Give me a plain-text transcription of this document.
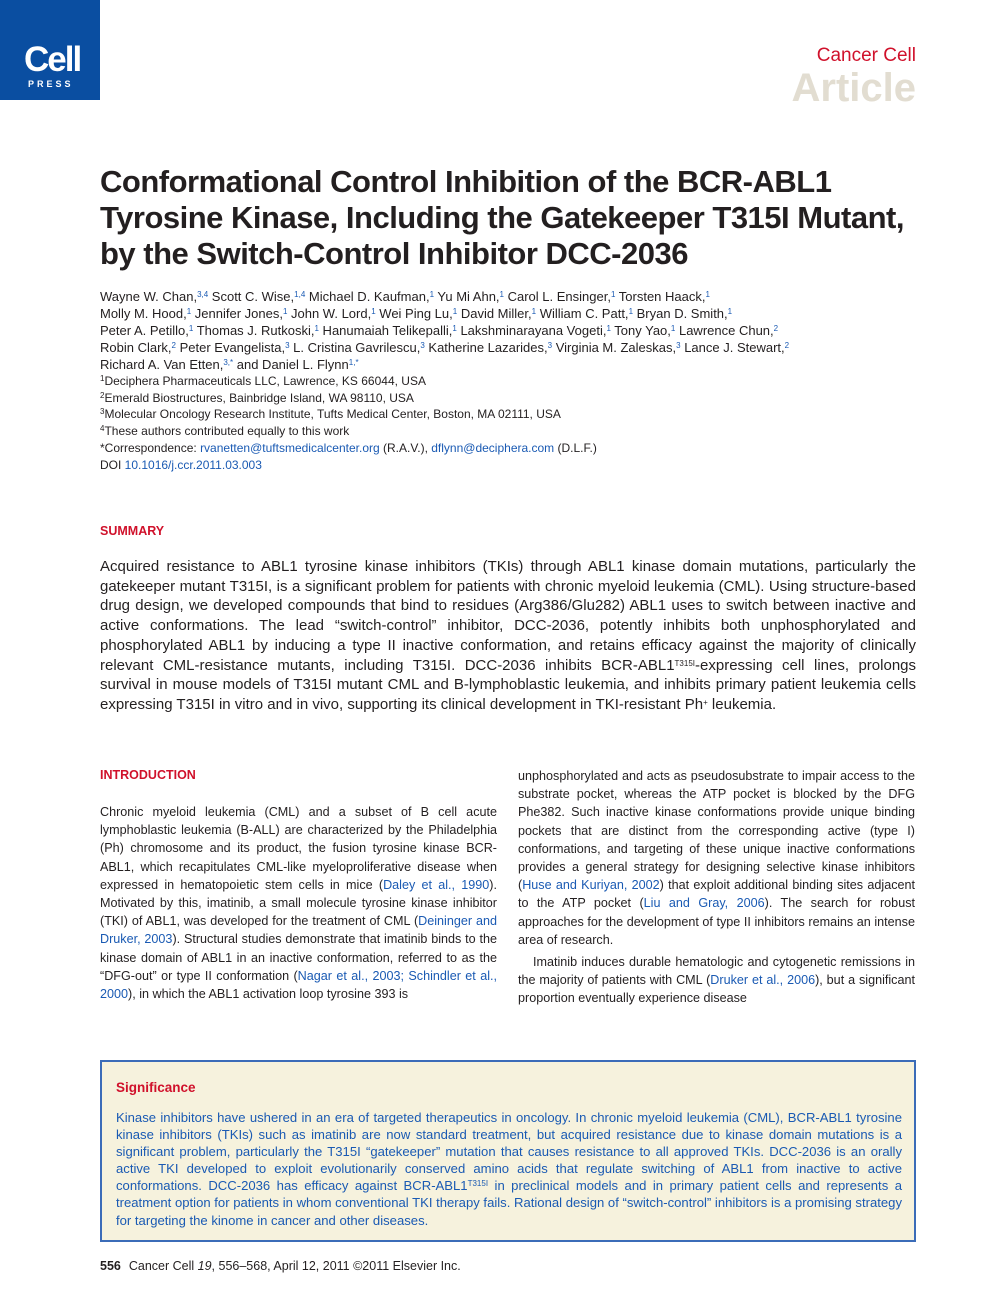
Cell
PRESS
Cancer Cell
Article
Conformational Control Inhibition of the BCR-ABL1 Tyrosine Kinase, Including the Gatekeeper T315I Mutant, by the Switch-Control Inhibitor DCC-2036
Wayne W. Chan,$^{3,4}$ Scott C. Wise,$^{1,4}$ Michael D. Kaufman,$^1$ Yu Mi Ahn,$^1$ Carol L. Ensinger,$^1$ Torsten Haack,$^1$
Molly M. Hood,$^1$ Jennifer Jones,$^1$ John W. Lord,$^1$ Wei Ping Lu,$^1$ David Miller,$^1$ William C. Patt,$^1$ Bryan D. Smith,$^1$
Peter A. Petillo,$^1$ Thomas J. Rutkoski,$^1$ Hanumaiah Telikepalli,$^1$ Lakshminarayana Vogeti,$^1$ Tony Yao,$^1$ Lawrence Chun,$^2$
Robin Clark,$^2$ Peter Evangelista,$^3$ L. Cristina Gavrilescu,$^3$ Katherine Lazarides,$^3$ Virginia M. Zaleskas,$^3$ Lance J. Stewart,$^2$
Richard A. Van Etten,$^{3,*}$ and Daniel L. Flynn$^{1,*}$
$^1$Deciphera Pharmaceuticals LLC, Lawrence, KS 66044, USA
$^2$Emerald Biostructures, Bainbridge Island, WA 98110, USA
$^3$Molecular Oncology Research Institute, Tufts Medical Center, Boston, MA 02111, USA
$^4$These authors contributed equally to this work
*Correspondence: rvanetten@tuftsmedicalcenter.org (R.A.V.), dflynn@deciphera.com (D.L.F.)
DOI 10.1016/j.ccr.2011.03.003
SUMMARY
Acquired resistance to ABL1 tyrosine kinase inhibitors (TKIs) through ABL1 kinase domain mutations, particularly the gatekeeper mutant T315I, is a significant problem for patients with chronic myeloid leukemia (CML). Using structure-based drug design, we developed compounds that bind to residues (Arg386/Glu282) ABL1 uses to switch between inactive and active conformations. The lead “switch-control” inhibitor, DCC-2036, potently inhibits both unphosphorylated and phosphorylated ABL1 by inducing a type II inactive conformation, and retains efficacy against the majority of clinically relevant CML-resistance mutants, including T315I. DCC-2036 inhibits BCR-$ABL1^{T315I}$-expressing cell lines, prolongs survival in mouse models of T315I mutant CML and B-lymphoblastic leukemia, and inhibits primary patient leukemia cells expressing T315I in vitro and in vivo, supporting its clinical development in TKI-resistant Ph+ leukemia.
INTRODUCTION

Chronic myeloid leukemia (CML) and a subset of B cell acute lymphoblastic leukemia (B-ALL) are characterized by the Philadelphia (Ph) chromosome and its product, the fusion tyrosine kinase BCR-ABL1, which recapitulates CML-like myeloproliferative disease when expressed in hematopoietic stem cells in mice (Daley et al., 1990). Motivated by this, imatinib, a small molecule tyrosine kinase inhibitor (TKI) of ABL1, was developed for the treatment of CML (Deininger and Druker, 2003). Structural studies demonstrate that imatinib binds to the kinase domain of ABL1 in an inactive conformation, referred to as the “DFG-out” or type II conformation (Nagar et al., 2003; Schindler et al., 2000), in which the ABL1 activation loop tyrosine 393 is

unphosphorylated and acts as pseudosubstrate to impair access to the substrate pocket, whereas the ATP pocket is blocked by the DFG Phe382. Such inactive kinase conformations provide unique binding pockets that are distinct from the corresponding active (type I) conformations, and targeting of these unique inactive conformations provides a general strategy for designing selective kinase inhibitors (Huse and Kuriyan, 2002) that exploit additional binding sites adjacent to the ATP pocket (Liu and Gray, 2006). The search for robust approaches for the development of type II inhibitors remains an intense area of research.

Imatinib induces durable hematologic and cytogenetic remissions in the majority of patients with CML (Druker et al., 2006), but a significant proportion eventually experience disease

Significance
Kinase inhibitors have ushered in an era of targeted therapeutics in oncology. In chronic myeloid leukemia (CML), BCR-ABL1 tyrosine kinase inhibitors (TKIs) such as imatinib are now standard treatment, but acquired resistance due to kinase domain mutations is a significant problem, particularly the T315I “gatekeeper” mutation that causes resistance to all approved TKIs. DCC-2036 is an orally active TKI developed to exploit evolutionarily conserved amino acids that regulate switching of ABL1 from inactive to active conformations. DCC-2036 has efficacy against BCR-$ABL1^{T315I}$ in preclinical models and in primary patient cells and represents a treatment option for patients in whom conventional TKI therapy fails. Rational design of “switch-control” inhibitors is a promising strategy for targeting the kinome in cancer and other diseases.
556 Cancer Cell 19, 556–568, April 12, 2011 ©2011 Elsevier Inc.
